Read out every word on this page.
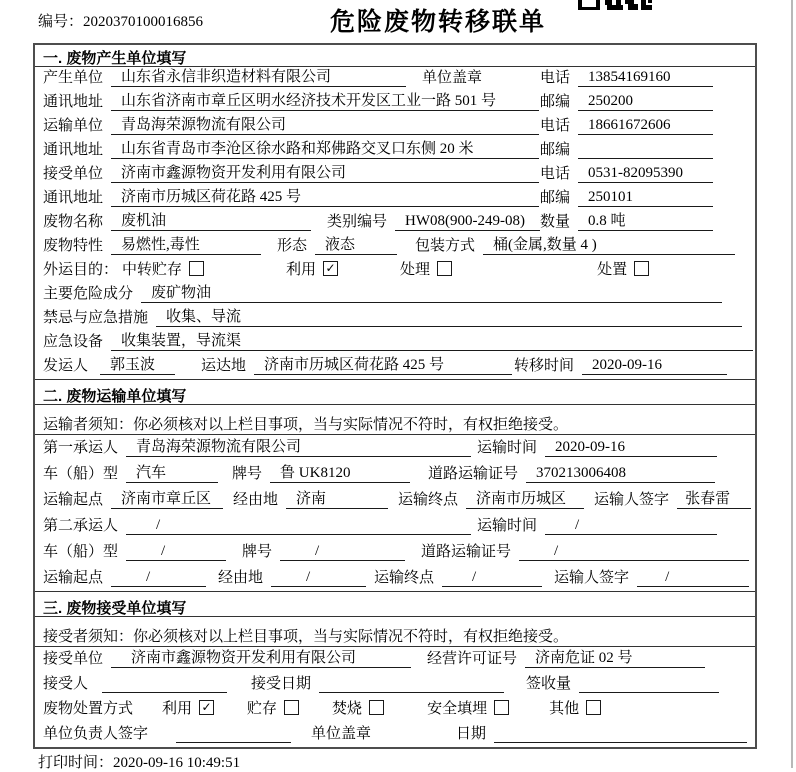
编号：2020370100016856	危险废物转移联单
一. 废物产生单位填写
产生单位	山东省永信非织造材料有限公司	单位盖章	电话	13854169160
通讯地址	山东省济南市章丘区明水经济技术开发区工业一路 501 号	邮编	250200
运输单位	青岛海荣源物流有限公司	电话	18661672606
通讯地址	山东省青岛市李沧区徐水路和郑佛路交叉口东侧 20 米	邮编
接受单位	济南市鑫源物资开发利用有限公司	电话	0531-82095390
通讯地址	济南市历城区荷花路 425 号	邮编	250101
废物名称	废机油	类别编号	HW08(900-249-08)	数量	0.8 吨
废物特性	易燃性,毒性	形态	液态	包装方式	桶(金属,数量 4 )
外运目的： 中转贮存	利用 ✓	处理	处置
主要危险成分	废矿物油
禁忌与应急措施	收集、导流
应急设备	收集装置，导流渠
发运人	郭玉波	运达地	济南市历城区荷花路 425 号	转移时间	2020-09-16
二. 废物运输单位填写
运输者须知：你必须核对以上栏目事项，当与实际情况不符时，有权拒绝接受。
第一承运人	青岛海荣源物流有限公司	运输时间	2020-09-16
车（船）型	汽车	牌号	鲁 UK8120	道路运输证号	370213006408
运输起点	济南市章丘区	经由地	济南	运输终点	济南市历城区	运输人签字	张春雷
第二承运人	/	运输时间	/
车（船）型	/	牌号	/	道路运输证号	/
运输起点	/	经由地	/	运输终点	/	运输人签字	/
三. 废物接受单位填写
接受者须知：你必须核对以上栏目事项，当与实际情况不符时，有权拒绝接受。
接受单位	济南市鑫源物资开发利用有限公司	经营许可证号	济南危证 02 号
接受人	接受日期	签收量
废物处置方式 利用 ✓ 贮存	焚烧	安全填埋	其他
单位负责人签字	单位盖章	日期
打印时间：2020-09-16 10:49:51
